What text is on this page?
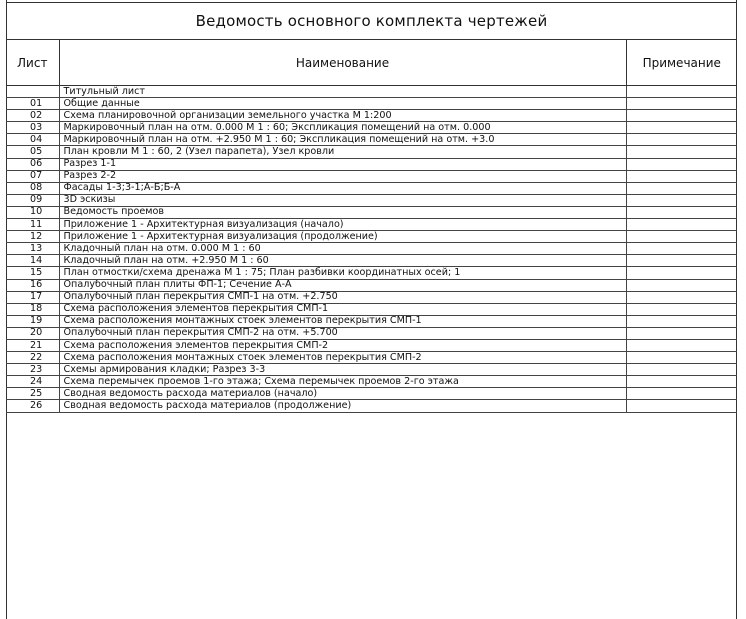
Ведомость основного комплекта чертежей
Лист	Наименование	Примечание
	Титульный лист	
01	Общие данные	
02	Схема планировочной организации земельного участка М 1:200	
03	Маркировочный план на отм. 0.000 М 1 : 60; Экспликация помещений на отм. 0.000	
04	Маркировочный план на отм. +2.950 М 1 : 60; Экспликация помещений на отм. +3.0	
05	План кровли М 1 : 60, 2 (Узел парапета), Узел кровли	
06	Разрез 1-1	
07	Разрез 2-2	
08	Фасады 1-3;3-1;А-Б;Б-А	
09	3D эскизы	
10	Ведомость проемов	
11	Приложение 1 - Архитектурная визуализация (начало)	
12	Приложение 1 - Архитектурная визуализация (продолжение)	
13	Кладочный план на отм. 0.000 М 1 : 60	
14	Кладочный план на отм. +2.950 М 1 : 60	
15	План отмостки/схема дренажа М 1 : 75; План разбивки координатных осей; 1	
16	Опалубочный план плиты ФП-1; Сечение А-А	
17	Опалубочный план перекрытия СМП-1 на отм. +2.750	
18	Схема расположения элементов перекрытия СМП-1	
19	Схема расположения монтажных стоек элементов перекрытия СМП-1	
20	Опалубочный план перекрытия СМП-2 на отм. +5.700	
21	Схема расположения элементов перекрытия СМП-2	
22	Схема расположения монтажных стоек элементов перекрытия СМП-2	
23	Схемы армирования кладки; Разрез 3-3	
24	Схема перемычек проемов 1-го этажа; Схема перемычек проемов 2-го этажа	
25	Сводная ведомость расхода материалов (начало)	
26	Сводная ведомость расхода материалов (продолжение)	
